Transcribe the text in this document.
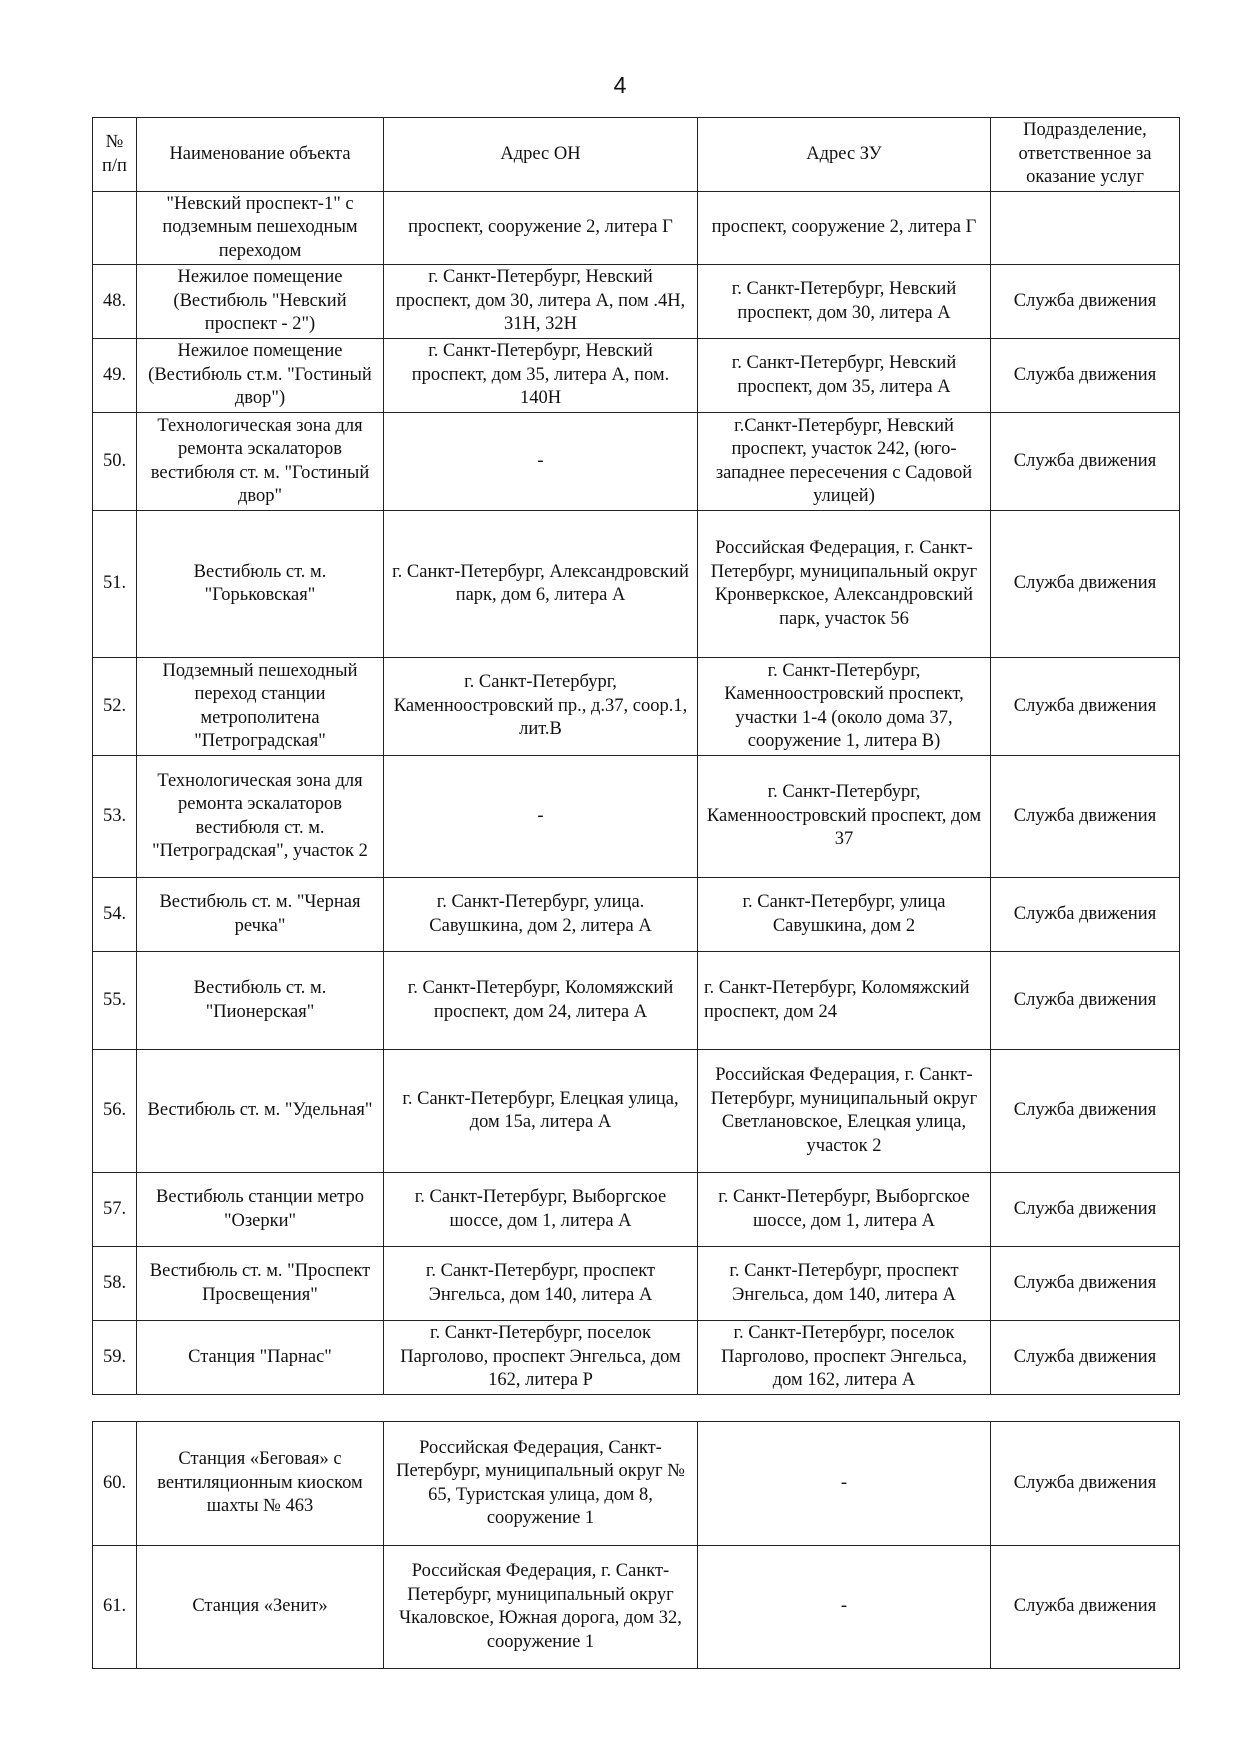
4
№ п/п	Наименование объекта	Адрес ОН	Адрес ЗУ	Подразделение, ответственное за оказание услуг
	"Невский проспект-1" с подземным пешеходным переходом	проспект, сооружение 2, литера Г	проспект, сооружение 2, литера Г	
48.	Нежилое помещение (Вестибюль "Невский проспект - 2")	г. Санкт-Петербург, Невский проспект, дом 30, литера А, пом .4Н, 31Н, 32Н	г. Санкт-Петербург, Невский проспект, дом 30, литера А	Служба движения
49.	Нежилое помещение (Вестибюль ст.м. "Гостиный двор")	г. Санкт-Петербург, Невский проспект, дом 35, литера А, пом. 140Н	г. Санкт-Петербург, Невский проспект, дом 35, литера А	Служба движения
50.	Технологическая зона для ремонта эскалаторов вестибюля ст. м. "Гостиный двор"	-	г.Санкт-Петербург, Невский проспект, участок 242, (юго-западнее пересечения с Садовой улицей)	Служба движения
51.	Вестибюль ст. м. "Горьковская"	г. Санкт-Петербург, Александровский парк, дом 6, литера А	Российская Федерация, г. Санкт-Петербург, муниципальный округ Кронверкское, Александровский парк, участок 56	Служба движения
52.	Подземный пешеходный переход станции метрополитена "Петроградская"	г. Санкт-Петербург, Каменноостровский пр., д.37, соор.1, лит.В	г. Санкт-Петербург, Каменноостровский проспект, участки 1-4 (около дома 37, сооружение 1, литера В)	Служба движения
53.	Технологическая зона для ремонта эскалаторов вестибюля ст. м. "Петроградская", участок 2	-	г. Санкт-Петербург, Каменноостровский проспект, дом 37	Служба движения
54.	Вестибюль ст. м. "Черная речка"	г. Санкт-Петербург, улица. Савушкина, дом 2, литера А	г. Санкт-Петербург, улица Савушкина, дом 2	Служба движения
55.	Вестибюль ст. м. "Пионерская"	г. Санкт-Петербург, Коломяжский проспект, дом 24, литера А	г. Санкт-Петербург, Коломяжский проспект, дом 24	Служба движения
56.	Вестибюль ст. м. "Удельная"	г. Санкт-Петербург, Елецкая улица, дом 15а, литера А	Российская Федерация, г. Санкт-Петербург, муниципальный округ Светлановское, Елецкая улица, участок 2	Служба движения
57.	Вестибюль станции метро "Озерки"	г. Санкт-Петербург, Выборгское шоссе, дом 1, литера А	г. Санкт-Петербург, Выборгское шоссе, дом 1, литера А	Служба движения
58.	Вестибюль ст. м. "Проспект Просвещения"	г. Санкт-Петербург, проспект Энгельса, дом 140, литера А	г. Санкт-Петербург, проспект Энгельса, дом 140, литера А	Служба движения
59.	Станция "Парнас"	г. Санкт-Петербург, поселок Парголово, проспект Энгельса, дом 162, литера Р	г. Санкт-Петербург, поселок Парголово, проспект Энгельса, дом 162, литера А	Служба движения
60.	Станция «Беговая» с вентиляционным киоском шахты № 463	Российская Федерация, Санкт-Петербург, муниципальный округ № 65, Туристская улица, дом 8, сооружение 1	-	Служба движения
61.	Станция «Зенит»	Российская Федерация, г. Санкт-Петербург, муниципальный округ Чкаловское, Южная дорога, дом 32, сооружение 1	-	Служба движения
